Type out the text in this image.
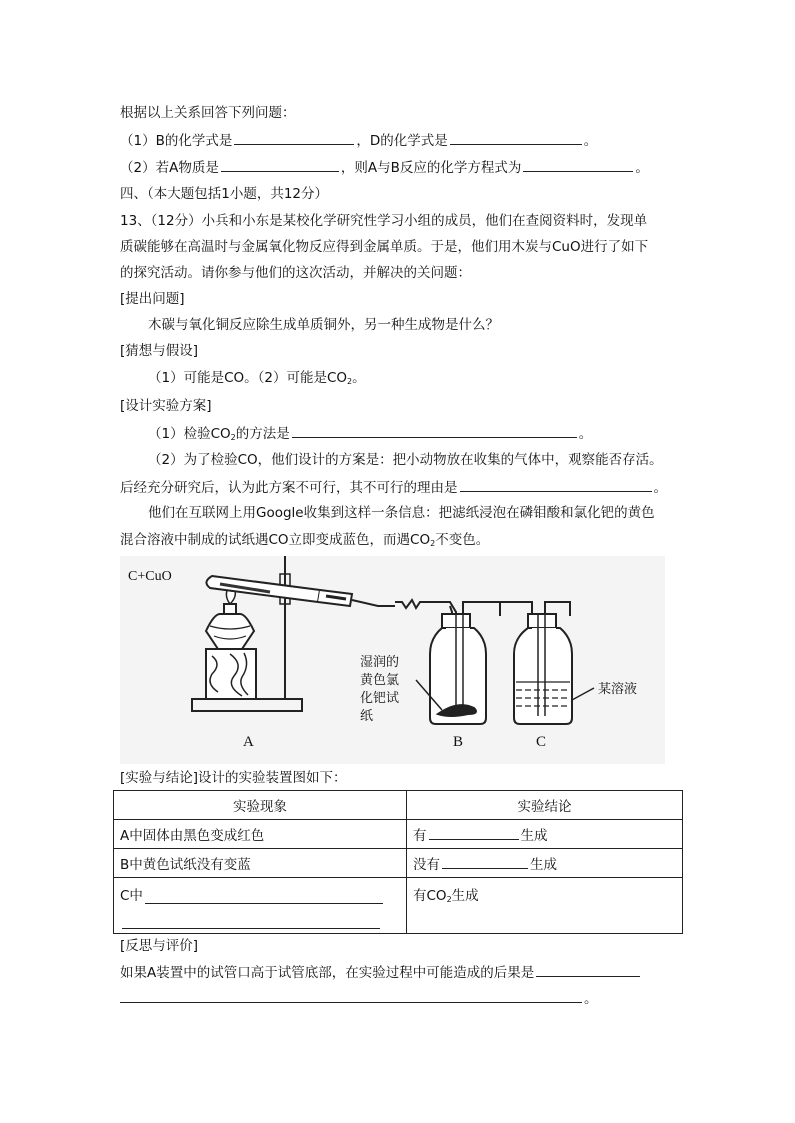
根据以上关系回答下列问题：
（1）B的化学式是	，D的化学式是	。
（2）若A物质是	，则A与B反应的化学方程式为	。
四、（本大题包括1小题，共12分）
13、（12分）小兵和小东是某校化学研究性学习小组的成员，他们在查阅资料时，发现单
质碳能够在高温时与金属氧化物反应得到金属单质。于是，他们用木炭与CuO进行了如下
的探究活动。请你参与他们的这次活动，并解决的关问题：
[提出问题]
木碳与氧化铜反应除生成单质铜外，另一种生成物是什么？
[猜想与假设]
（1）可能是CO。（2）可能是$CO_2$。
[设计实验方案]
（1）检验$CO_2$的方法是	。
（2）为了检验CO，他们设计的方案是：把小动物放在收集的气体中，观察能否存活。
后经充分研究后，认为此方案不可行，其不可行的理由是	。
他们在互联网上用Google收集到这样一条信息：把滤纸浸泡在磷钼酸和氯化钯的黄色
混合溶液中制成的试纸遇CO立即变成蓝色，而遇$CO_2$不变色。
C+CuO
湿润的
黄色氯
化钯试
纸
某溶液
A	B	C
[实验与结论]设计的实验装置图如下：
实验现象	实验结论
A中固体由黑色变成红色	有 生成
B中黄色试纸没有变蓝	没有 生成

C中	有$CO_2$生成
[反思与评价]
如果A装置中的试管口高于试管底部，在实验过程中可能造成的后果是
。
